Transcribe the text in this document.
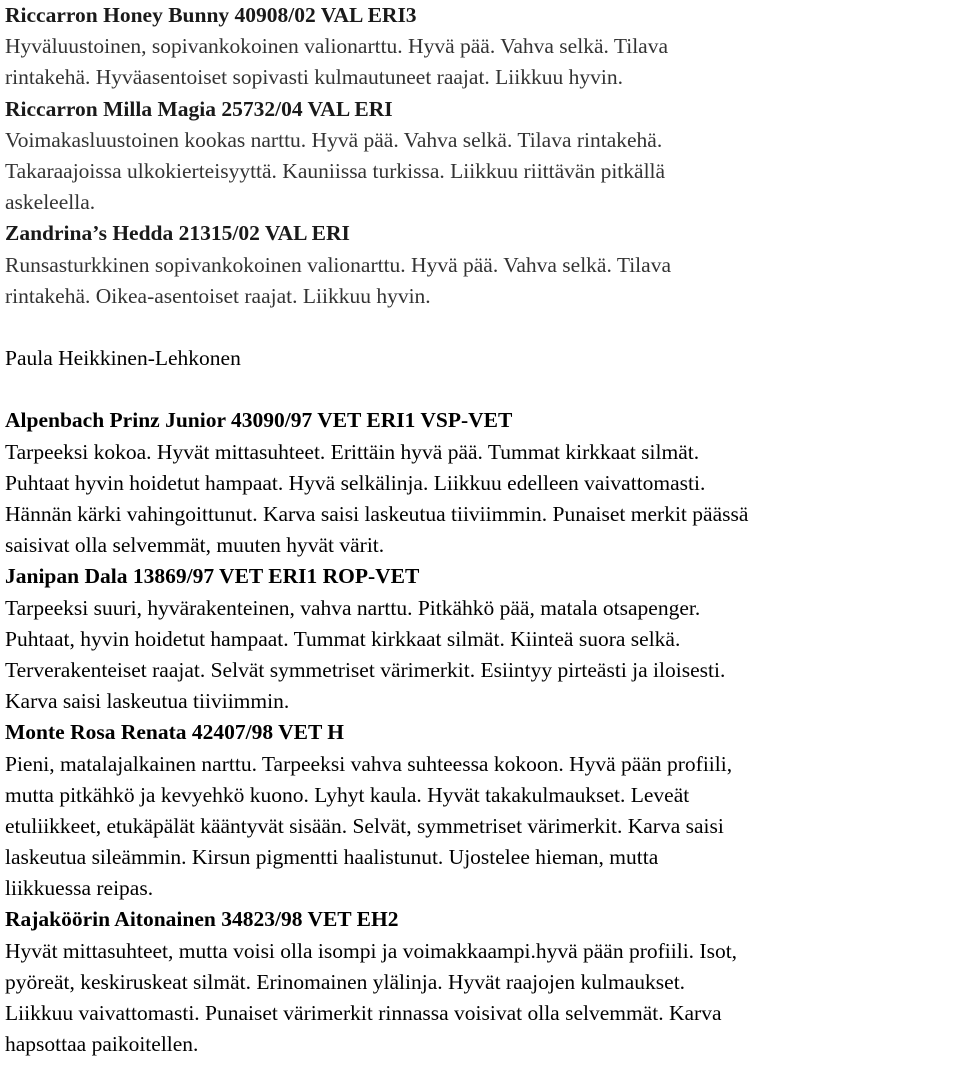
Riccarron Honey Bunny 40908/02 VAL ERI3
Hyväluustoinen, sopivankokoinen valionarttu. Hyvä pää. Vahva selkä. Tilava
rintakehä. Hyväasentoiset sopivasti kulmautuneet raajat. Liikkuu hyvin.
Riccarron Milla Magia 25732/04 VAL ERI
Voimakasluustoinen kookas narttu. Hyvä pää. Vahva selkä. Tilava rintakehä.
Takaraajoissa ulkokierteisyyttä. Kauniissa turkissa. Liikkuu riittävän pitkällä
askeleella.
Zandrina’s Hedda 21315/02 VAL ERI
Runsasturkkinen sopivankokoinen valionarttu. Hyvä pää. Vahva selkä. Tilava
rintakehä. Oikea-asentoiset raajat. Liikkuu hyvin.
Paula Heikkinen-Lehkonen
Alpenbach Prinz Junior 43090/97 VET ERI1 VSP-VET
Tarpeeksi kokoa. Hyvät mittasuhteet. Erittäin hyvä pää. Tummat kirkkaat silmät.
Puhtaat hyvin hoidetut hampaat. Hyvä selkälinja. Liikkuu edelleen vaivattomasti.
Hännän kärki vahingoittunut. Karva saisi laskeutua tiiviimmin. Punaiset merkit päässä
saisivat olla selvemmät, muuten hyvät värit.
Janipan Dala 13869/97 VET ERI1 ROP-VET
Tarpeeksi suuri, hyvärakenteinen, vahva narttu. Pitkähkö pää, matala otsapenger.
Puhtaat, hyvin hoidetut hampaat. Tummat kirkkaat silmät. Kiinteä suora selkä.
Terverakenteiset raajat. Selvät symmetriset värimerkit. Esiintyy pirteästi ja iloisesti.
Karva saisi laskeutua tiiviimmin.
Monte Rosa Renata 42407/98 VET H
Pieni, matalajalkainen narttu. Tarpeeksi vahva suhteessa kokoon. Hyvä pään profiili,
mutta pitkähkö ja kevyehkö kuono. Lyhyt kaula. Hyvät takakulmaukset. Leveät
etuliikkeet, etukäpälät kääntyvät sisään. Selvät, symmetriset värimerkit. Karva saisi
laskeutua sileämmin. Kirsun pigmentti haalistunut. Ujostelee hieman, mutta
liikkuessa reipas.
Rajaköörin Aitonainen 34823/98 VET EH2
Hyvät mittasuhteet, mutta voisi olla isompi ja voimakkaampi.hyvä pään profiili. Isot,
pyöreät, keskiruskeat silmät. Erinomainen ylälinja. Hyvät raajojen kulmaukset.
Liikkuu vaivattomasti. Punaiset värimerkit rinnassa voisivat olla selvemmät. Karva
hapsottaa paikoitellen.
